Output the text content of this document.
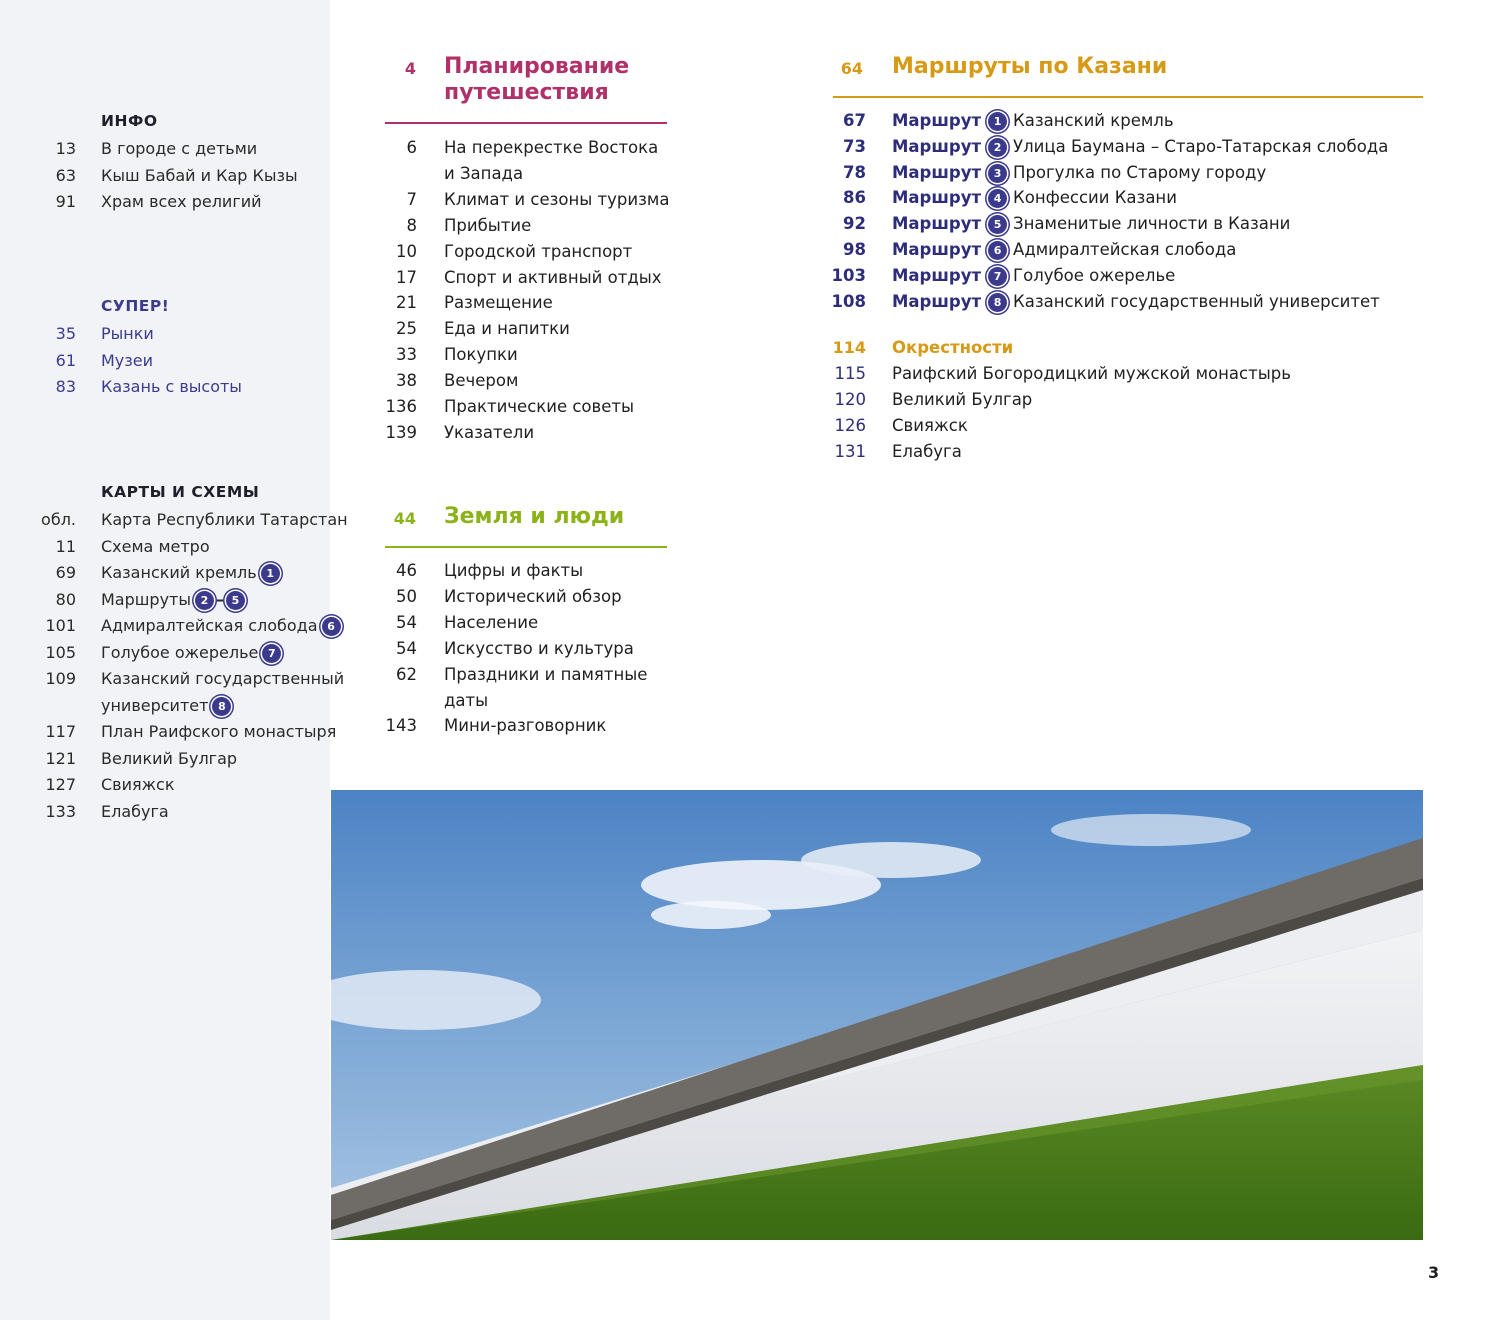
ИНФО
13 В городе с детьми
63 Кыш Бабай и Кар Кызы
91 Храм всех религий
СУПЕР!
35 Рынки
61 Музеи
83 Казань с высоты
КАРТЫ И СХЕМЫ
обл. Карта Республики Татарстан
11 Схема метро
69 Казанский кремль 1
80 Маршруты 2 – 5
101 Адмиралтейская слобода 6
105 Голубое ожерелье 7
109 Казанский государственный
университет 8
117 План Раифского монастыря
121 Великий Булгар
127 Свияжск
133 Елабуга
4 Планирование
путешествия
6 На перекрестке Востока
и Запада
7 Климат и сезоны туризма
8 Прибытие
10 Городской транспорт
17 Спорт и активный отдых
21 Размещение
25 Еда и напитки
33 Покупки
38 Вечером
136 Практические советы
139 Указатели
44 Земля и люди
46 Цифры и факты
50 Исторический обзор
54 Население
54 Искусство и культура
62 Праздники и памятные
даты
143 Мини-разговорник
64 Маршруты по Казани
67 Маршрут 1 Казанский кремль
73 Маршрут 2 Улица Баумана – Старо-Татарская слобода
78 Маршрут 3 Прогулка по Старому городу
86 Маршрут 4 Конфессии Казани
92 Маршрут 5 Знаменитые личности в Казани
98 Маршрут 6 Адмиралтейская слобода
103 Маршрут 7 Голубое ожерелье
108 Маршрут 8 Казанский государственный университет
114 Окрестности
115 Раифский Богородицкий мужской монастырь
120 Великий Булгар
126 Свияжск
131 Елабуга
3
